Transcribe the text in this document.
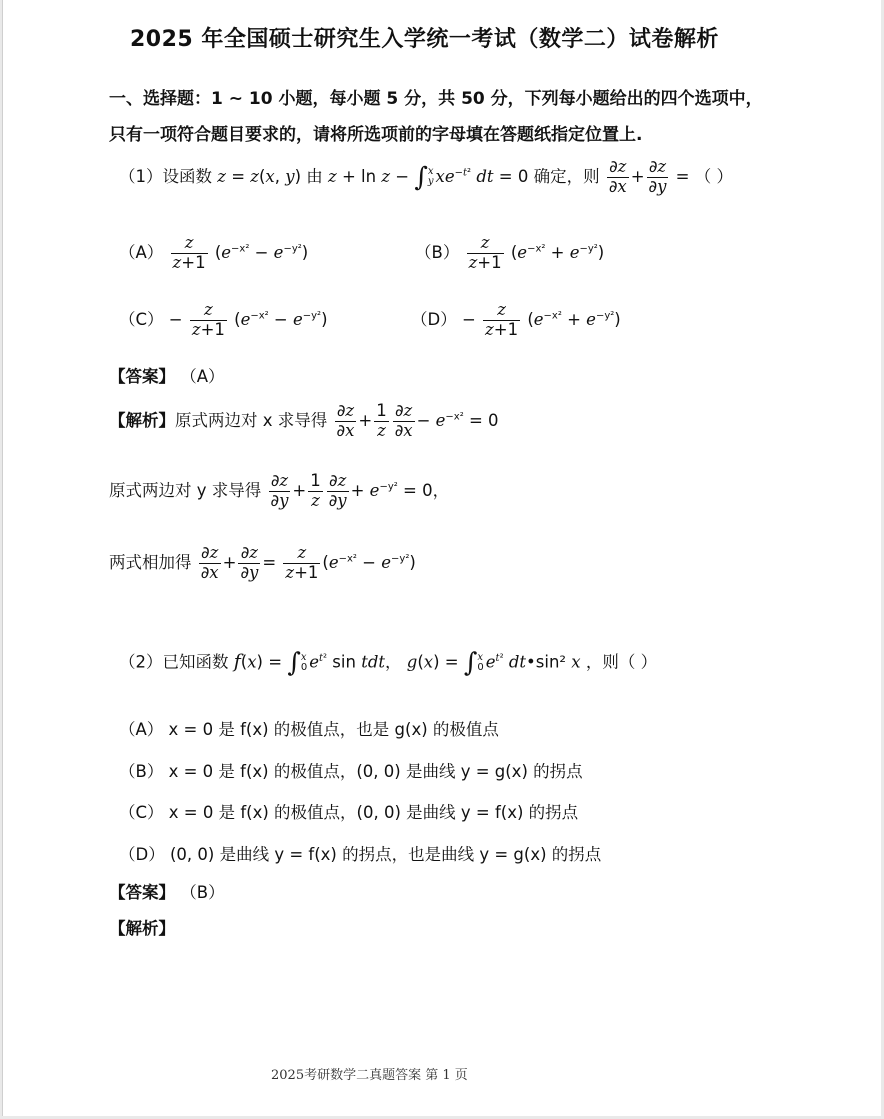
2025 年全国硕士研究生入学统一考试（数学二）试卷解析
一、选择题：1 ~ 10 小题，每小题 5 分，共 50 分，下列每小题给出的四个选项中，
只有一项符合题目要求的，请将所选项前的字母填在答题纸指定位置上.
（1）设函数 z = z(x, y) 由 z + ln z − ∫ x
y $xe^{-t^2}$ dt = 0 确定，则 $\frac{\partial z}{\partial x} + \frac{\partial z}{\partial y}$ = （ ）
$(A) \frac{z}{z+1} (e^{-x^2} - e^{-y^2})$	$(B) \frac{z}{z+1} (e^{-x^2} + e^{-y^2})$
$(C) - \frac{z}{z+1} (e^{-x^2} - e^{-y^2})$	$(D) - \frac{z}{z+1} (e^{-x^2} + e^{-y^2})$
【答案】 （A）
【解析】原式两边对 x 求导得 $\frac{\partial z}{\partial x} + \frac{1}{z} \frac{\partial z}{\partial x} - e^{-x^2} = 0$
原式两边对 y 求导得 $\frac{\partial z}{\partial y} + \frac{1}{z} \frac{\partial z}{\partial y} + e^{-y^2} = 0$，
两式相加得 $\frac{\partial z}{\partial x} + \frac{\partial z}{\partial y} = \frac{z}{z+1} (e^{-x^2} - e^{-y^2})$
（2）已知函数 f(x) = ∫ x
0 $e^{t^2}$ sin tdt， g(x) = ∫ x
0 $e^{t^2}$ dt•sin² x ，则（ ）
（A） x = 0 是 f(x) 的极值点，也是 g(x) 的极值点
（B） x = 0 是 f(x) 的极值点，(0, 0) 是曲线 y = g(x) 的拐点
（C） x = 0 是 f(x) 的极值点，(0, 0) 是曲线 y = f(x) 的拐点
（D） (0, 0) 是曲线 y = f(x) 的拐点，也是曲线 y = g(x) 的拐点
【答案】 （B）
【解析】
2025考研数学二真题答案 第 1 页
